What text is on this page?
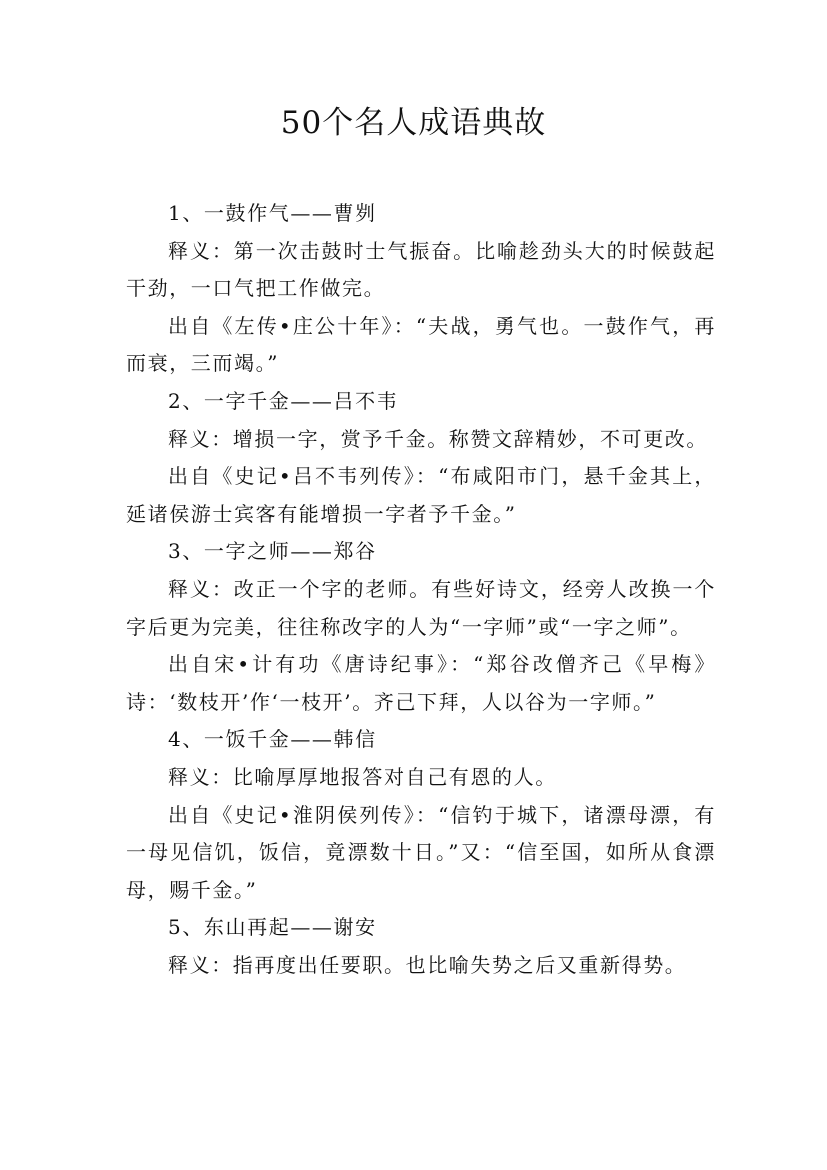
50个名人成语典故

1、一鼓作气——曹刿

释义：第一次击鼓时士气振奋。比喻趁劲头大的时候鼓起干劲，一口气把工作做完。

出自《左传•庄公十年》：“夫战，勇气也。一鼓作气，再而衰，三而竭。”

2、一字千金——吕不韦

释义：增损一字，赏予千金。称赞文辞精妙，不可更改。

出自《史记•吕不韦列传》：“布咸阳市门，悬千金其上，延诸侯游士宾客有能增损一字者予千金。”

3、一字之师——郑谷

释义：改正一个字的老师。有些好诗文，经旁人改换一个字后更为完美，往往称改字的人为“一字师”或“一字之师”。

出自宋•计有功《唐诗纪事》：“郑谷改僧齐己《早梅》诗：‘数枝开’作‘一枝开’。齐己下拜，人以谷为一字师。”

4、一饭千金——韩信

释义：比喻厚厚地报答对自己有恩的人。

出自《史记•淮阴侯列传》：“信钓于城下，诸漂母漂，有一母见信饥，饭信，竟漂数十日。”又：“信至国，如所从食漂母，赐千金。”

5、东山再起——谢安

释义：指再度出任要职。也比喻失势之后又重新得势。
